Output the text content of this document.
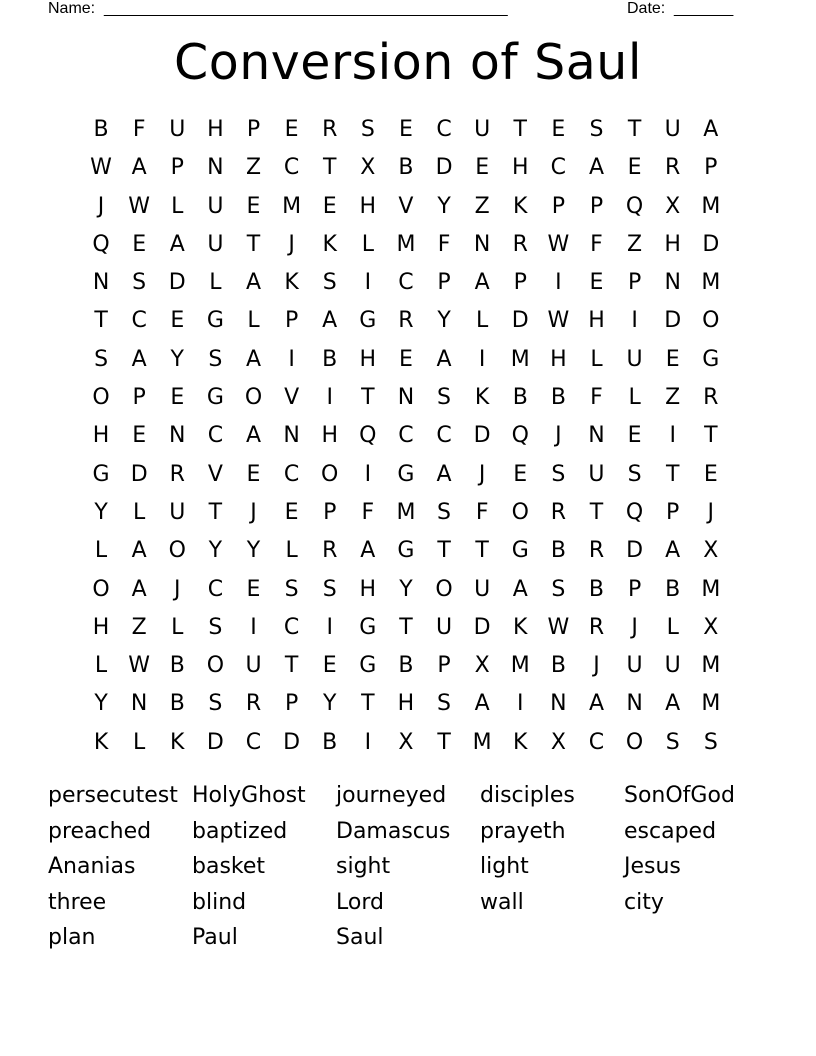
Name: ________________________________________________	Date: _______
Conversion of Saul
B	F	U H	P	E	R	S	E	C	U	T	E	S	T	U	A
W A	P	N	Z	C	T	X	B	D	E	H	C	A	E	R	P
J	W L	U	E M E	H	V	Y	Z	K	P	P	Q X M
Q	E	A	U	T	J	K	L	M	F	N	R W F	Z	H D
N	S	D	L	A	K	S	I	C	P	A	P	I	E	P	N M
T	C	E	G	L	P	A	G R	Y	L	D W H	I	D O
S	A	Y	S	A	I	B	H	E	A	I	M H	L	U	E	G
O	P	E	G O V	I	T	N	S	K	B	B	F	L	Z	R
H	E	N	C	A	N H Q C	C D Q	J	N	E	I	T
G D R	V	E	C O	I	G	A	J	E	S	U	S	T	E
Y	L	U	T	J	E	P	F	M S	F	O R	T	Q	P	J
L	A O	Y	Y	L	R	A	G	T	T	G	B	R D	A	X
O A	J	C	E	S	S	H	Y	O U	A	S	B	P	B M
H	Z	L	S	I	C	I	G	T	U D	K W R	J	L	X
L W B O U	T	E	G	B	P	X M B	J	U	U M
Y	N	B	S	R	P	Y	T	H	S	A	I	N	A	N	A M
K	L	K	D C D	B	I	X	T M K	X	C O	S	S
persecutest HolyGhost	journeyed	disciples	SonOfGod
preached	baptized	Damascus	prayeth	escaped
Ananias	basket	sight	light	Jesus
three	blind	Lord	wall	city
plan	Paul	Saul
